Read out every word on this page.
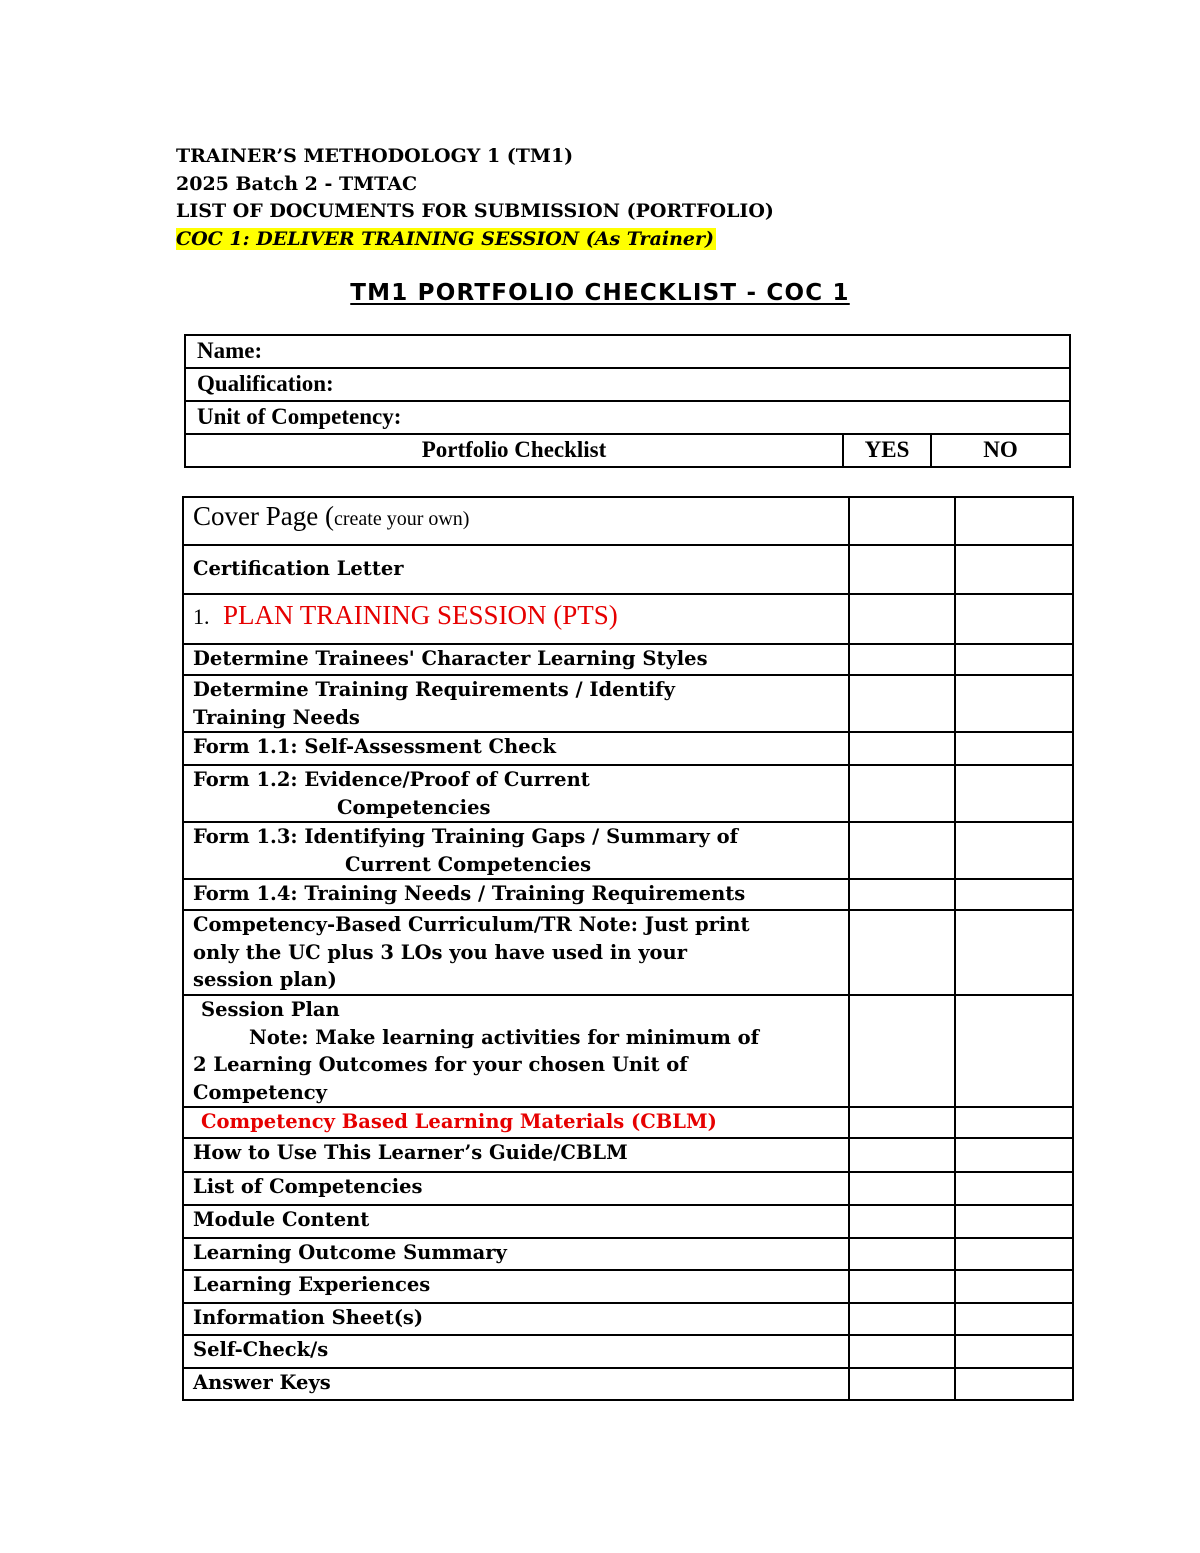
TRAINER’S METHODOLOGY 1 (TM1)
2025 Batch 2 - TMTAC
LIST OF DOCUMENTS FOR SUBMISSION (PORTFOLIO)
COC 1: DELIVER TRAINING SESSION (As Trainer)
TM1 PORTFOLIO CHECKLIST - COC 1
Name:
Qualification:
Unit of Competency:
Portfolio Checklist	YES	NO
Cover Page (create your own)		
Certification Letter		
1. PLAN TRAINING SESSION (PTS)		
Determine Trainees' Character Learning Styles		

Determine Training Requirements / Identify
Training Needs		

Form 1.1: Self-Assessment Check		

Form 1.2: Evidence/Proof of Current
Competencies		

Form 1.3: Identifying Training Gaps / Summary of
Current Competencies		

Form 1.4: Training Needs / Training Requirements		

Competency-Based Curriculum/TR Note: Just print
only the UC plus 3 LOs you have used in your
session plan)		

Session Plan
Note: Make learning activities for minimum of
2 Learning Outcomes for your chosen Unit of
Competency		

Competency Based Learning Materials (CBLM)		
How to Use This Learner’s Guide/CBLM		
List of Competencies		
Module Content		
Learning Outcome Summary		
Learning Experiences		
Information Sheet(s)		
Self-Check/s		
Answer Keys		
